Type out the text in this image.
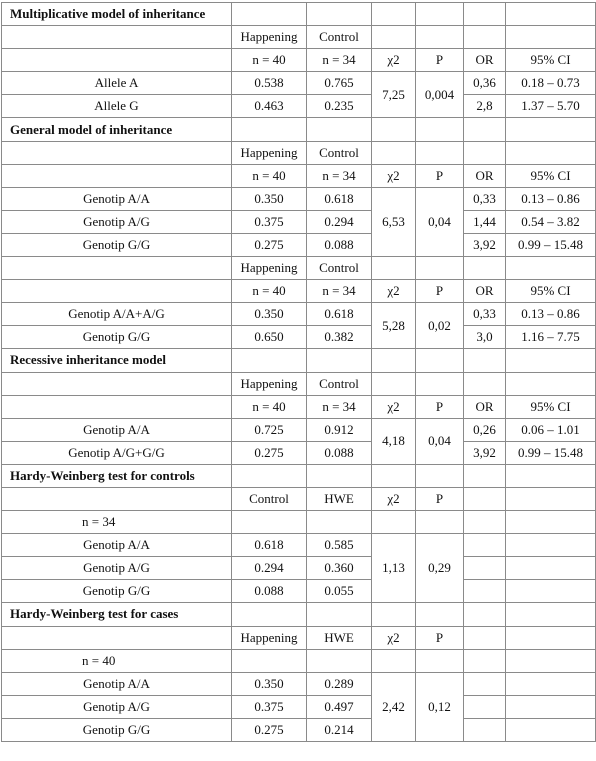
Multiplicative model of inheritance						
	Happening	Control				
	n = 40	n = 34	χ2	P	OR	95% CI
Allele A	0.538	0.765	7,25	0,004	0,36	0.18 – 0.73
Allele G	0.463	0.235			2,8	1.37 – 5.70
General model of inheritance						
	Happening	Control				
	n = 40	n = 34	χ2	P	OR	95% CI
Genotip A/A	0.350	0.618	6,53	0,04	0,33	0.13 – 0.86
Genotip A/G	0.375	0.294			1,44	0.54 – 3.82
Genotip G/G	0.275	0.088			3,92	0.99 – 15.48
	Happening	Control				
	n = 40	n = 34	χ2	P	OR	95% CI
Genotip A/A+A/G	0.350	0.618	5,28	0,02	0,33	0.13 – 0.86
Genotip G/G	0.650	0.382			3,0	1.16 – 7.75
Recessive inheritance model						
	Happening	Control				
	n = 40	n = 34	χ2	P	OR	95% CI
Genotip A/A	0.725	0.912	4,18	0,04	0,26	0.06 – 1.01
Genotip A/G+G/G	0.275	0.088			3,92	0.99 – 15.48
Hardy-Weinberg test for controls						
	Control	HWE	χ2	P		
n = 34						
Genotip A/A	0.618	0.585	1,13	0,29		
Genotip A/G	0.294	0.360				
Genotip G/G	0.088	0.055				
Hardy-Weinberg test for cases						
	Happening	HWE	χ2	P		
n = 40						
Genotip A/A	0.350	0.289	2,42	0,12		
Genotip A/G	0.375	0.497				
Genotip G/G	0.275	0.214				
